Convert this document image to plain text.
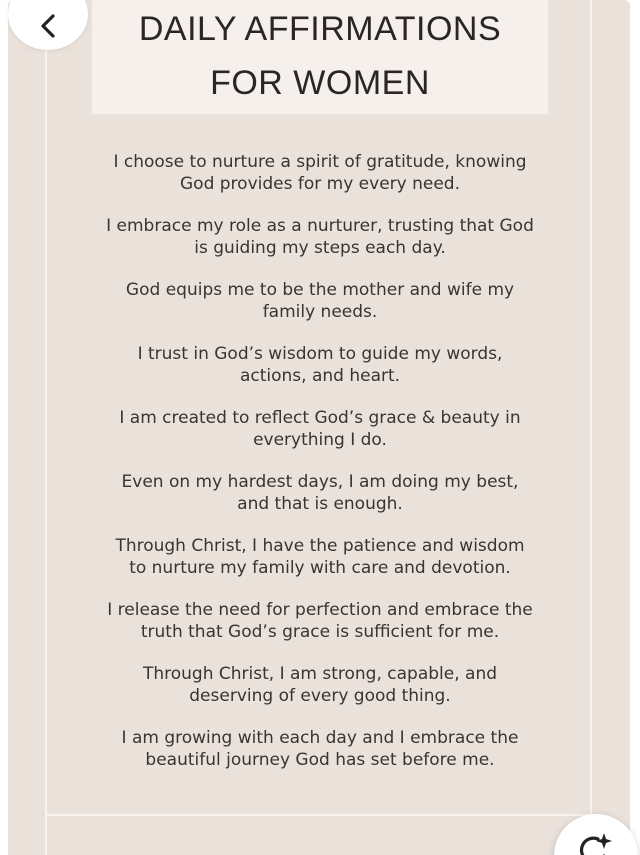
DAILY AFFIRMATIONS
FOR WOMEN
I choose to nurture a spirit of gratitude, knowing
God provides for my every need.
I embrace my role as a nurturer, trusting that God
is guiding my steps each day.
God equips me to be the mother and wife my
family needs.
I trust in God’s wisdom to guide my words,
actions, and heart.
I am created to reflect God’s grace & beauty in
everything I do.
Even on my hardest days, I am doing my best,
and that is enough.
Through Christ, I have the patience and wisdom
to nurture my family with care and devotion.
I release the need for perfection and embrace the
truth that God’s grace is sufficient for me.
Through Christ, I am strong, capable, and
deserving of every good thing.
I am growing with each day and I embrace the
beautiful journey God has set before me.
